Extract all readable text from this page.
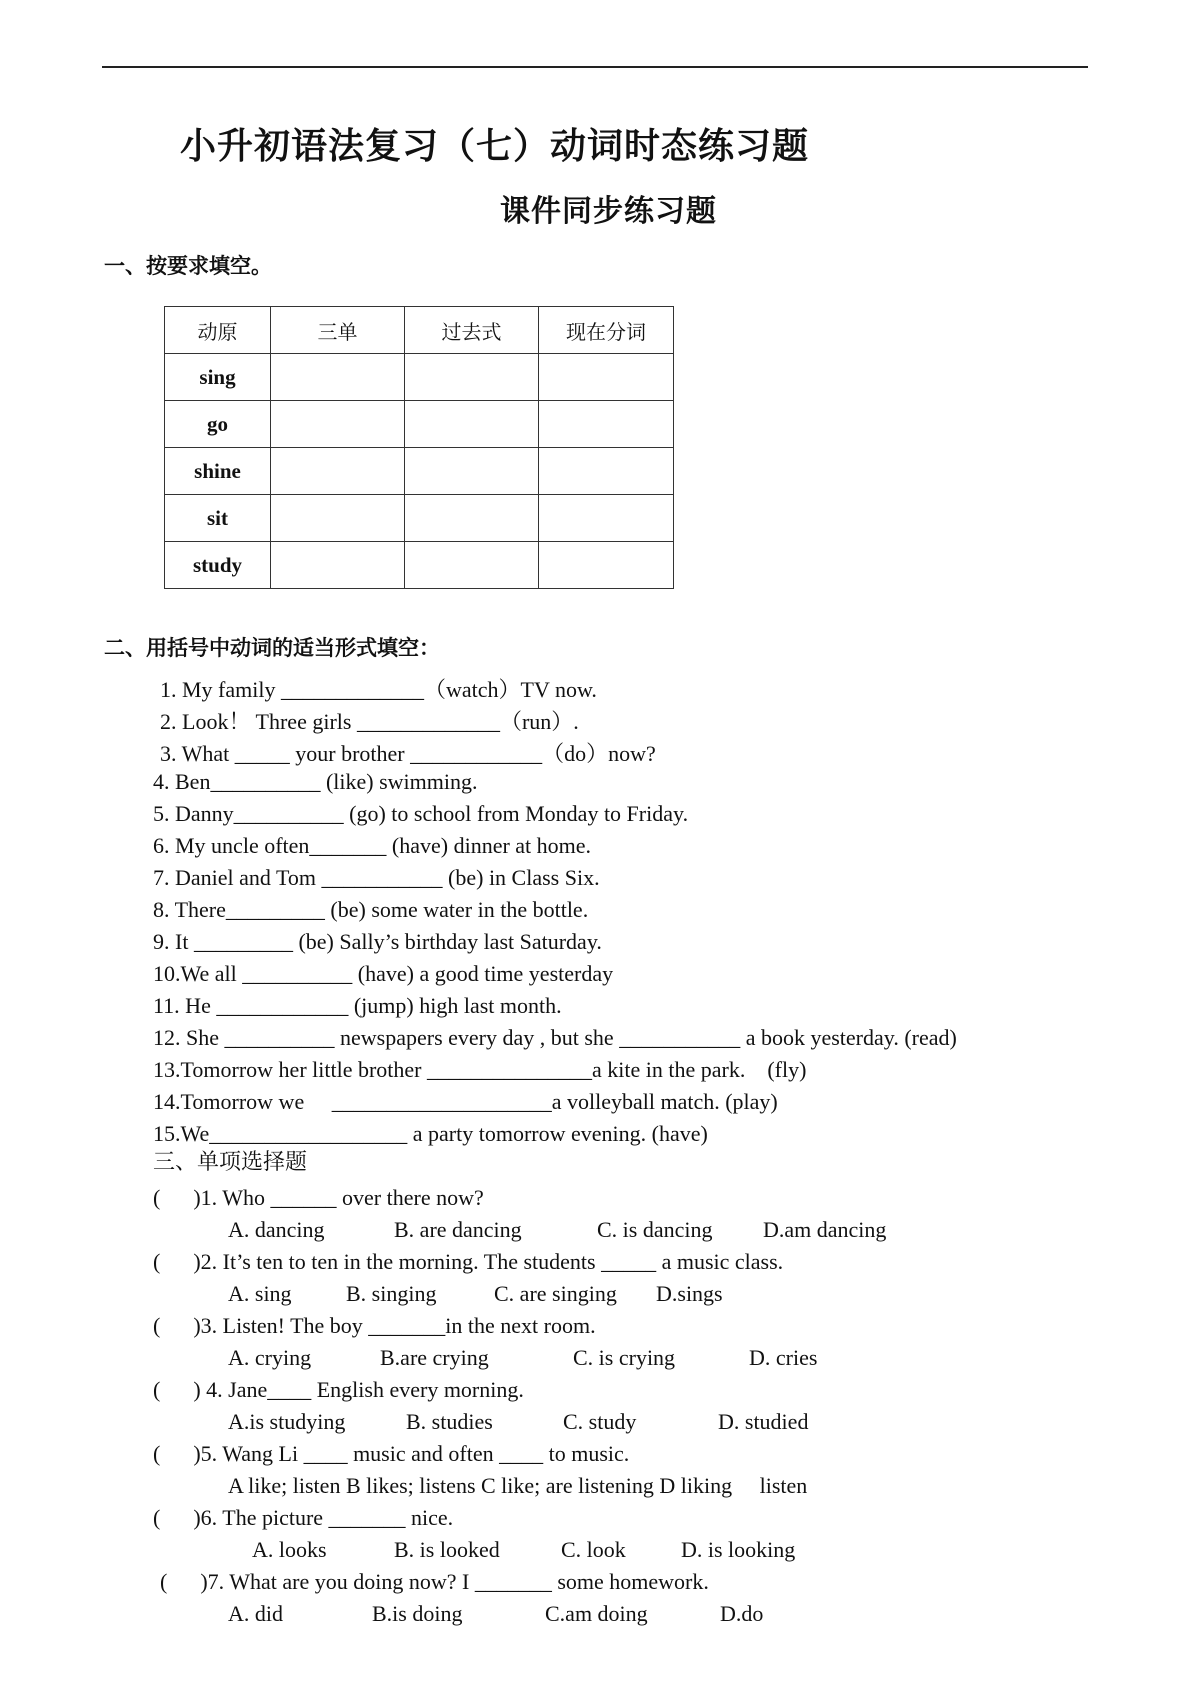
小升初语法复习（七）动词时态练习题
课件同步练习题
一、按要求填空。
动原	三单	过去式	现在分词
sing			
go			
shine			
sit			
study			
二、用括号中动词的适当形式填空：
1. My family _____________（watch）TV now.
2. Look！ Three girls _____________（run）.
3. What _____ your brother ____________（do）now?
4. Ben__________ (like) swimming.
5. Danny__________ (go) to school from Monday to Friday.
6. My uncle often_______ (have) dinner at home.
7. Daniel and Tom ___________ (be) in Class Six.
8. There_________ (be) some water in the bottle.
9. It _________ (be) Sally’s birthday last Saturday.
10.We all __________ (have) a good time yesterday
11. He ____________ (jump) high last month.
12. She __________ newspapers every day , but she ___________ a book yesterday. (read)
13.Tomorrow her little brother _______________a kite in the park.    (fly)
14.Tomorrow we     ____________________a volleyball match. (play)
15.We__________________ a party tomorrow evening. (have)
三、单项选择题
(      )1. Who ______ over there now?
A. dancing	B. are dancing	C. is dancing D.am dancing
(      )2. It’s ten to ten in the morning. The students _____ a music class.
A. sing B. singing	C. are singing D.sings
(      )3. Listen! The boy _______in the next room.
A. crying	B.are crying	C. is crying	D. cries
(      ) 4. Jane____ English every morning.
A.is studying	B. studies	C. study	D. studied
(      )5. Wang Li ____ music and often ____ to music.
A like; listen B likes; listens C like; are listening D liking     listen
(      )6. The picture _______ nice.
A. looks	B. is looked	C. look	D. is looking
(      )7. What are you doing now? I _______ some homework.
A. did	B.is doing	C.am doing	D.do
